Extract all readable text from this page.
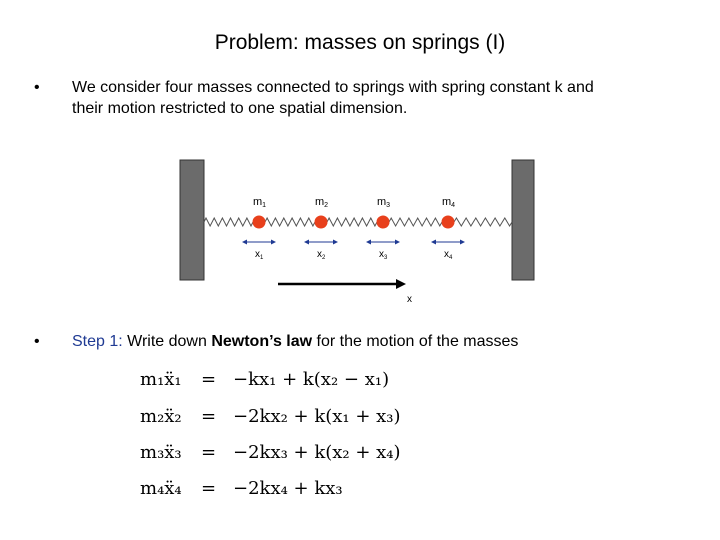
Problem: masses on springs (I)
• We consider four masses connected to springs with spring constant k and
their motion restricted to one spatial dimension.
• Step 1: Write down Newton’s law for the motion of the masses
m1	m2	m3	m4
$x_1$	$x_2$	$x_3$	$x_4$
x
m₁ẍ₁ = −kx₁ + k(x₂ − x₁)
m₂ẍ₂ = −2kx₂ + k(x₁ + x₃)
m₃ẍ₃ = −2kx₃ + k(x₂ + x₄)
m₄ẍ₄ = −2kx₄ + kx₃
